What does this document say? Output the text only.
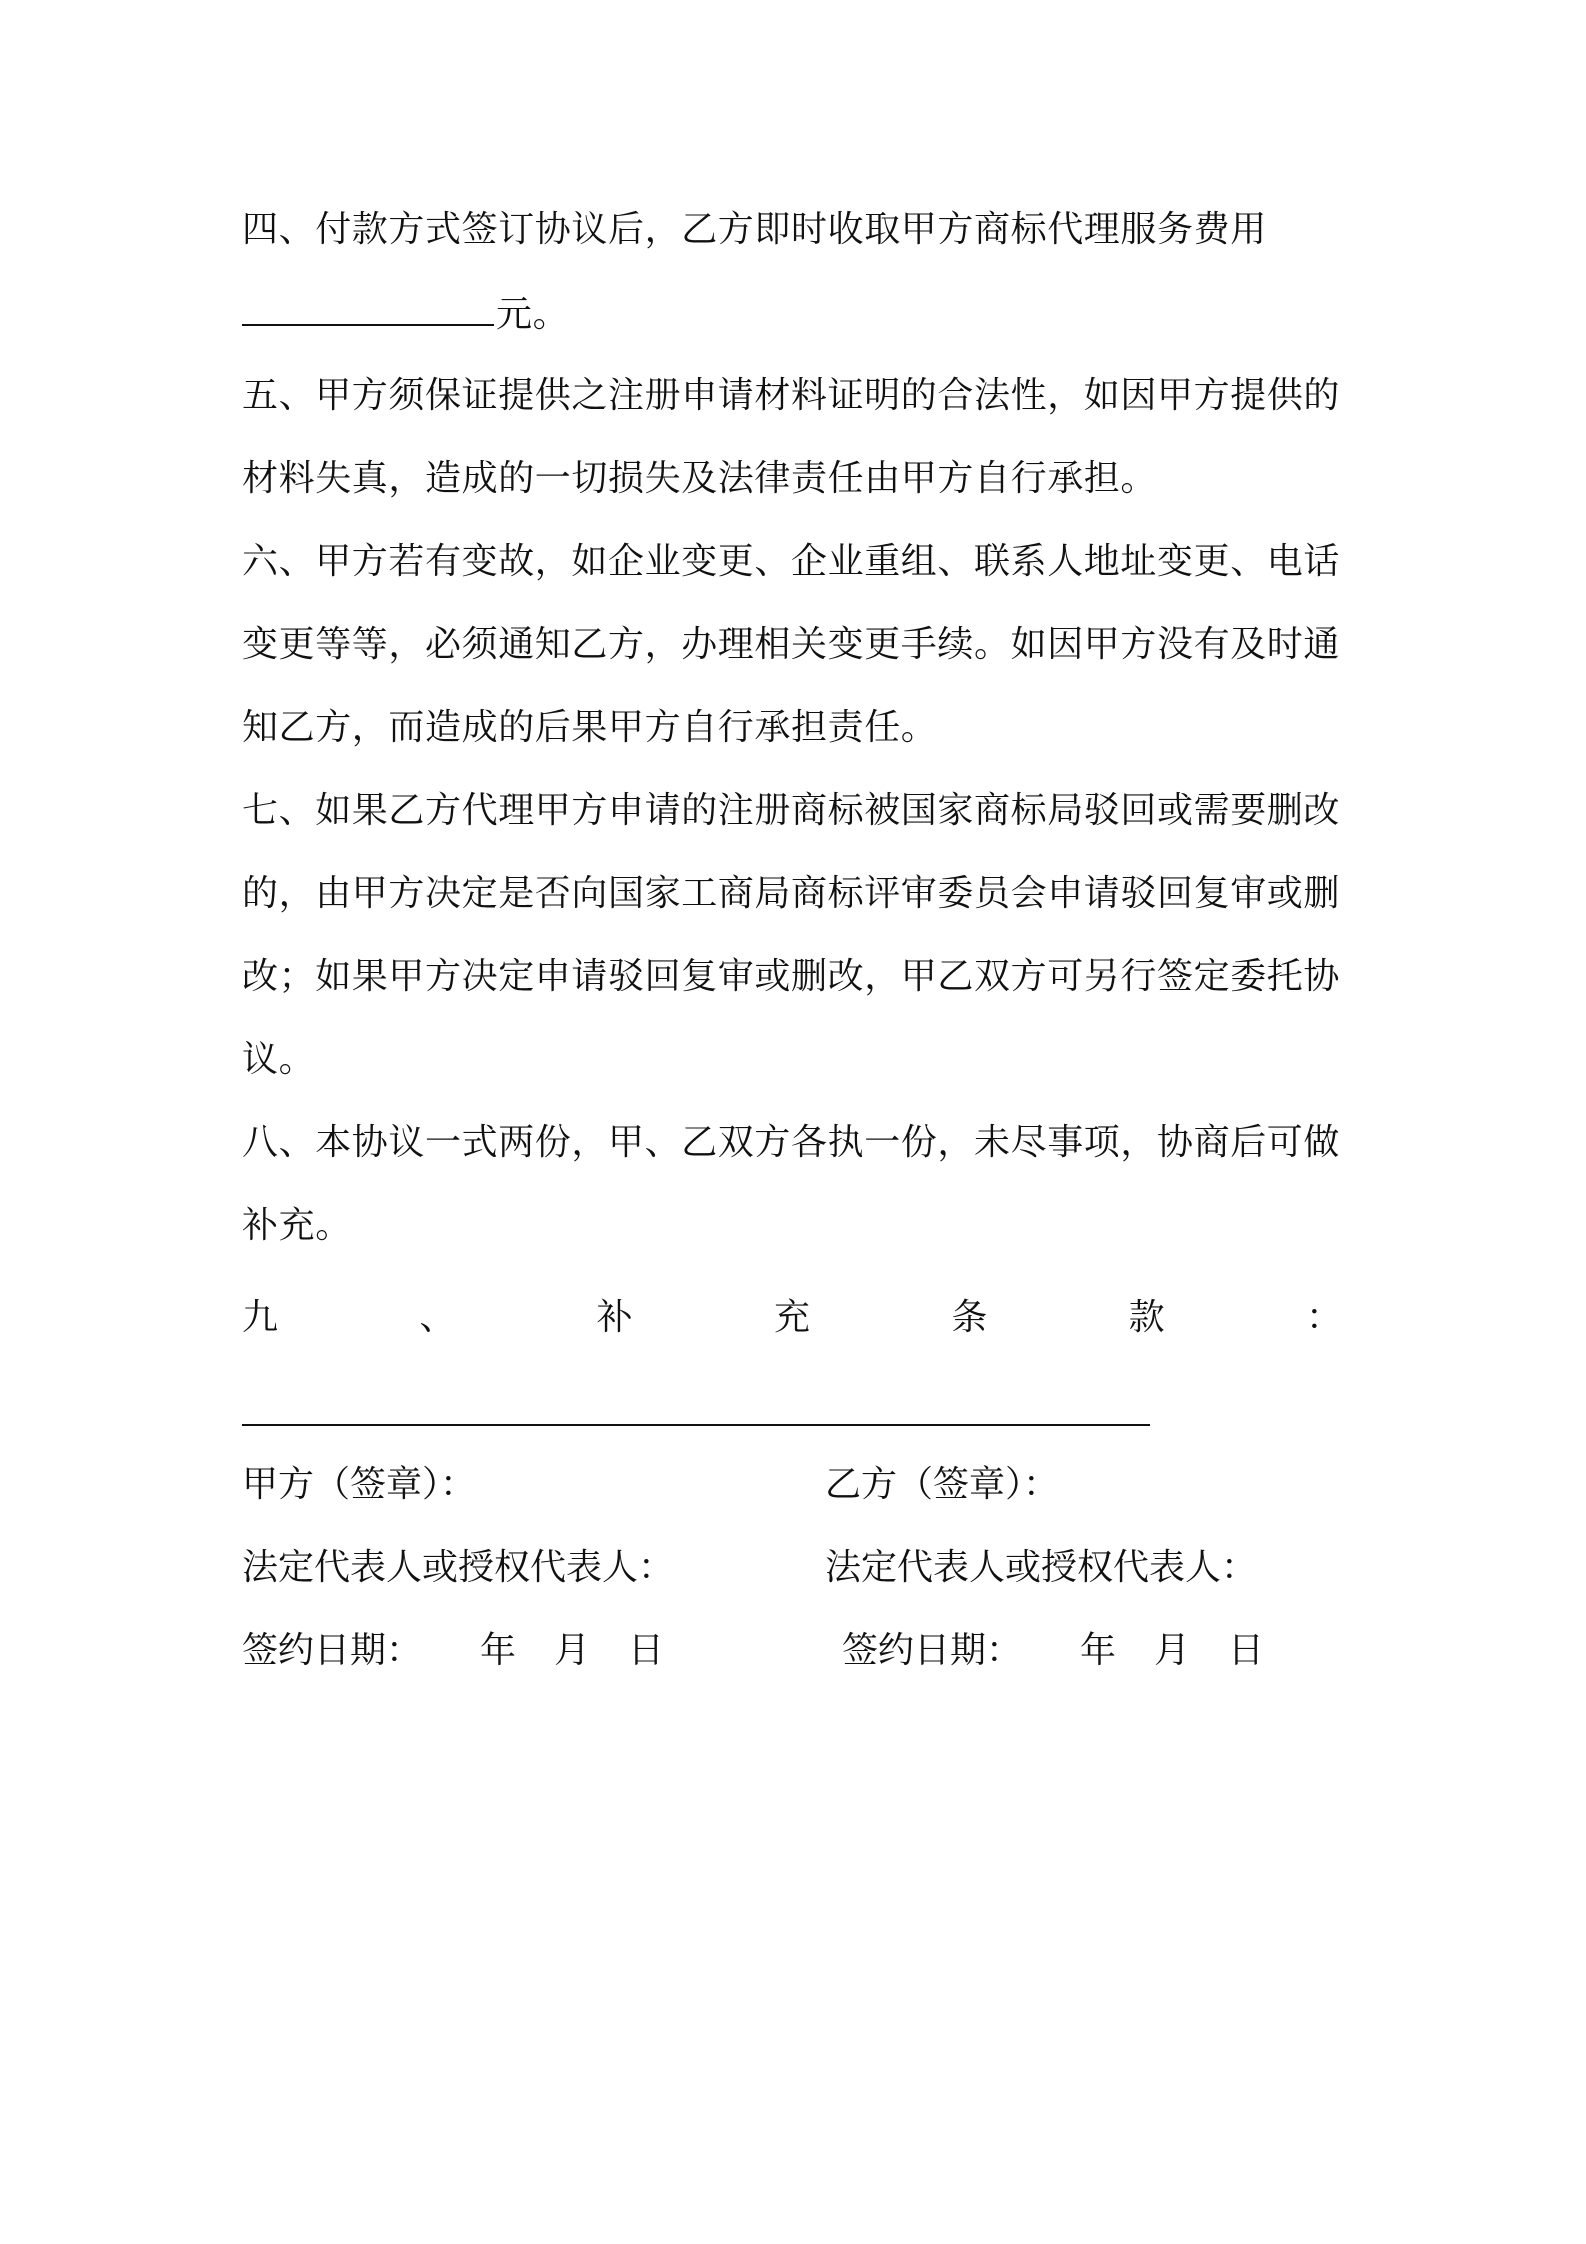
四、付款方式签订协议后，乙方即时收取甲方商标代理服务费用
元。
五、甲方须保证提供之注册申请材料证明的合法性，如因甲方提供的
材料失真，造成的一切损失及法律责任由甲方自行承担。
六、甲方若有变故，如企业变更、企业重组、联系人地址变更、电话
变更等等，必须通知乙方，办理相关变更手续。如因甲方没有及时通
知乙方，而造成的后果甲方自行承担责任。
七、如果乙方代理甲方申请的注册商标被国家商标局驳回或需要删改
的，由甲方决定是否向国家工商局商标评审委员会申请驳回复审或删
改；如果甲方决定申请驳回复审或删改，甲乙双方可另行签定委托协
议。
八、本协议一式两份，甲、乙双方各执一份，未尽事项，协商后可做
补充。
九	、	补	充	条	款	：
甲方（签章）：	乙方（签章）：
法定代表人或授权代表人：	法定代表人或授权代表人：
签约日期： 年 月 日	签约日期： 年 月 日
